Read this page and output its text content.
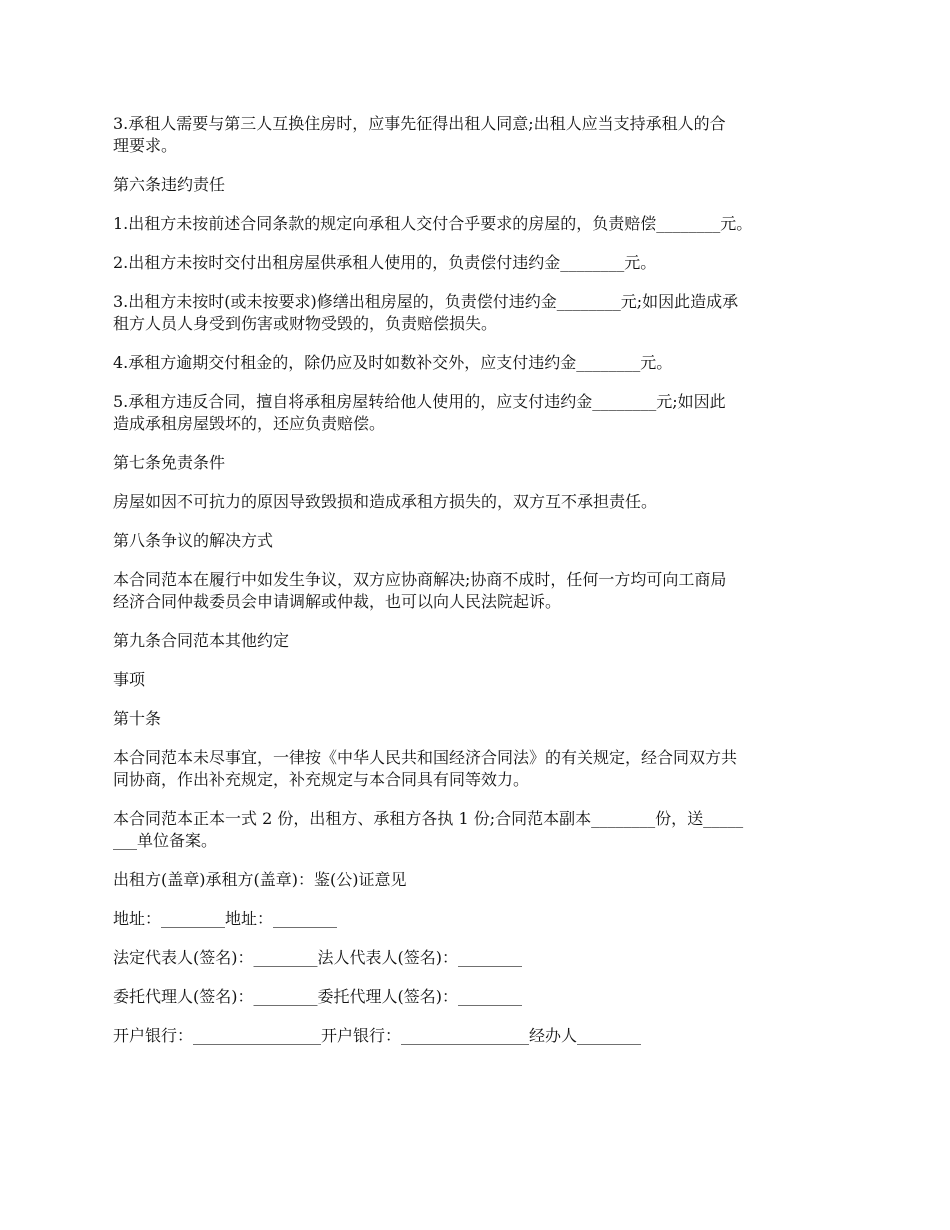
3.承租人需要与第三人互换住房时，应事先征得出租人同意;出租人应当支持承租人的合
理要求。

第六条违约责任

1.出租方未按前述合同条款的规定向承租人交付合乎要求的房屋的，负责赔偿________元。

2.出租方未按时交付出租房屋供承租人使用的，负责偿付违约金________元。

3.出租方未按时(或未按要求)修缮出租房屋的，负责偿付违约金________元;如因此造成承
租方人员人身受到伤害或财物受毁的，负责赔偿损失。

4.承租方逾期交付租金的，除仍应及时如数补交外，应支付违约金________元。

5.承租方违反合同，擅自将承租房屋转给他人使用的，应支付违约金________元;如因此
造成承租房屋毁坏的，还应负责赔偿。

第七条免责条件

房屋如因不可抗力的原因导致毁损和造成承租方损失的，双方互不承担责任。

第八条争议的解决方式

本合同范本在履行中如发生争议，双方应协商解决;协商不成时，任何一方均可向工商局
经济合同仲裁委员会申请调解或仲裁，也可以向人民法院起诉。

第九条合同范本其他约定

事项

第十条

本合同范本未尽事宜，一律按《中华人民共和国经济合同法》的有关规定，经合同双方共
同协商，作出补充规定，补充规定与本合同具有同等效力。

本合同范本正本一式 2 份，出租方、承租方各执 1 份;合同范本副本________份，送_____
___单位备案。

出租方(盖章)承租方(盖章)：鉴(公)证意见

地址：________地址：________

法定代表人(签名)：________法人代表人(签名)：________

委托代理人(签名)：________委托代理人(签名)：________

开户银行：________________开户银行：________________经办人________
